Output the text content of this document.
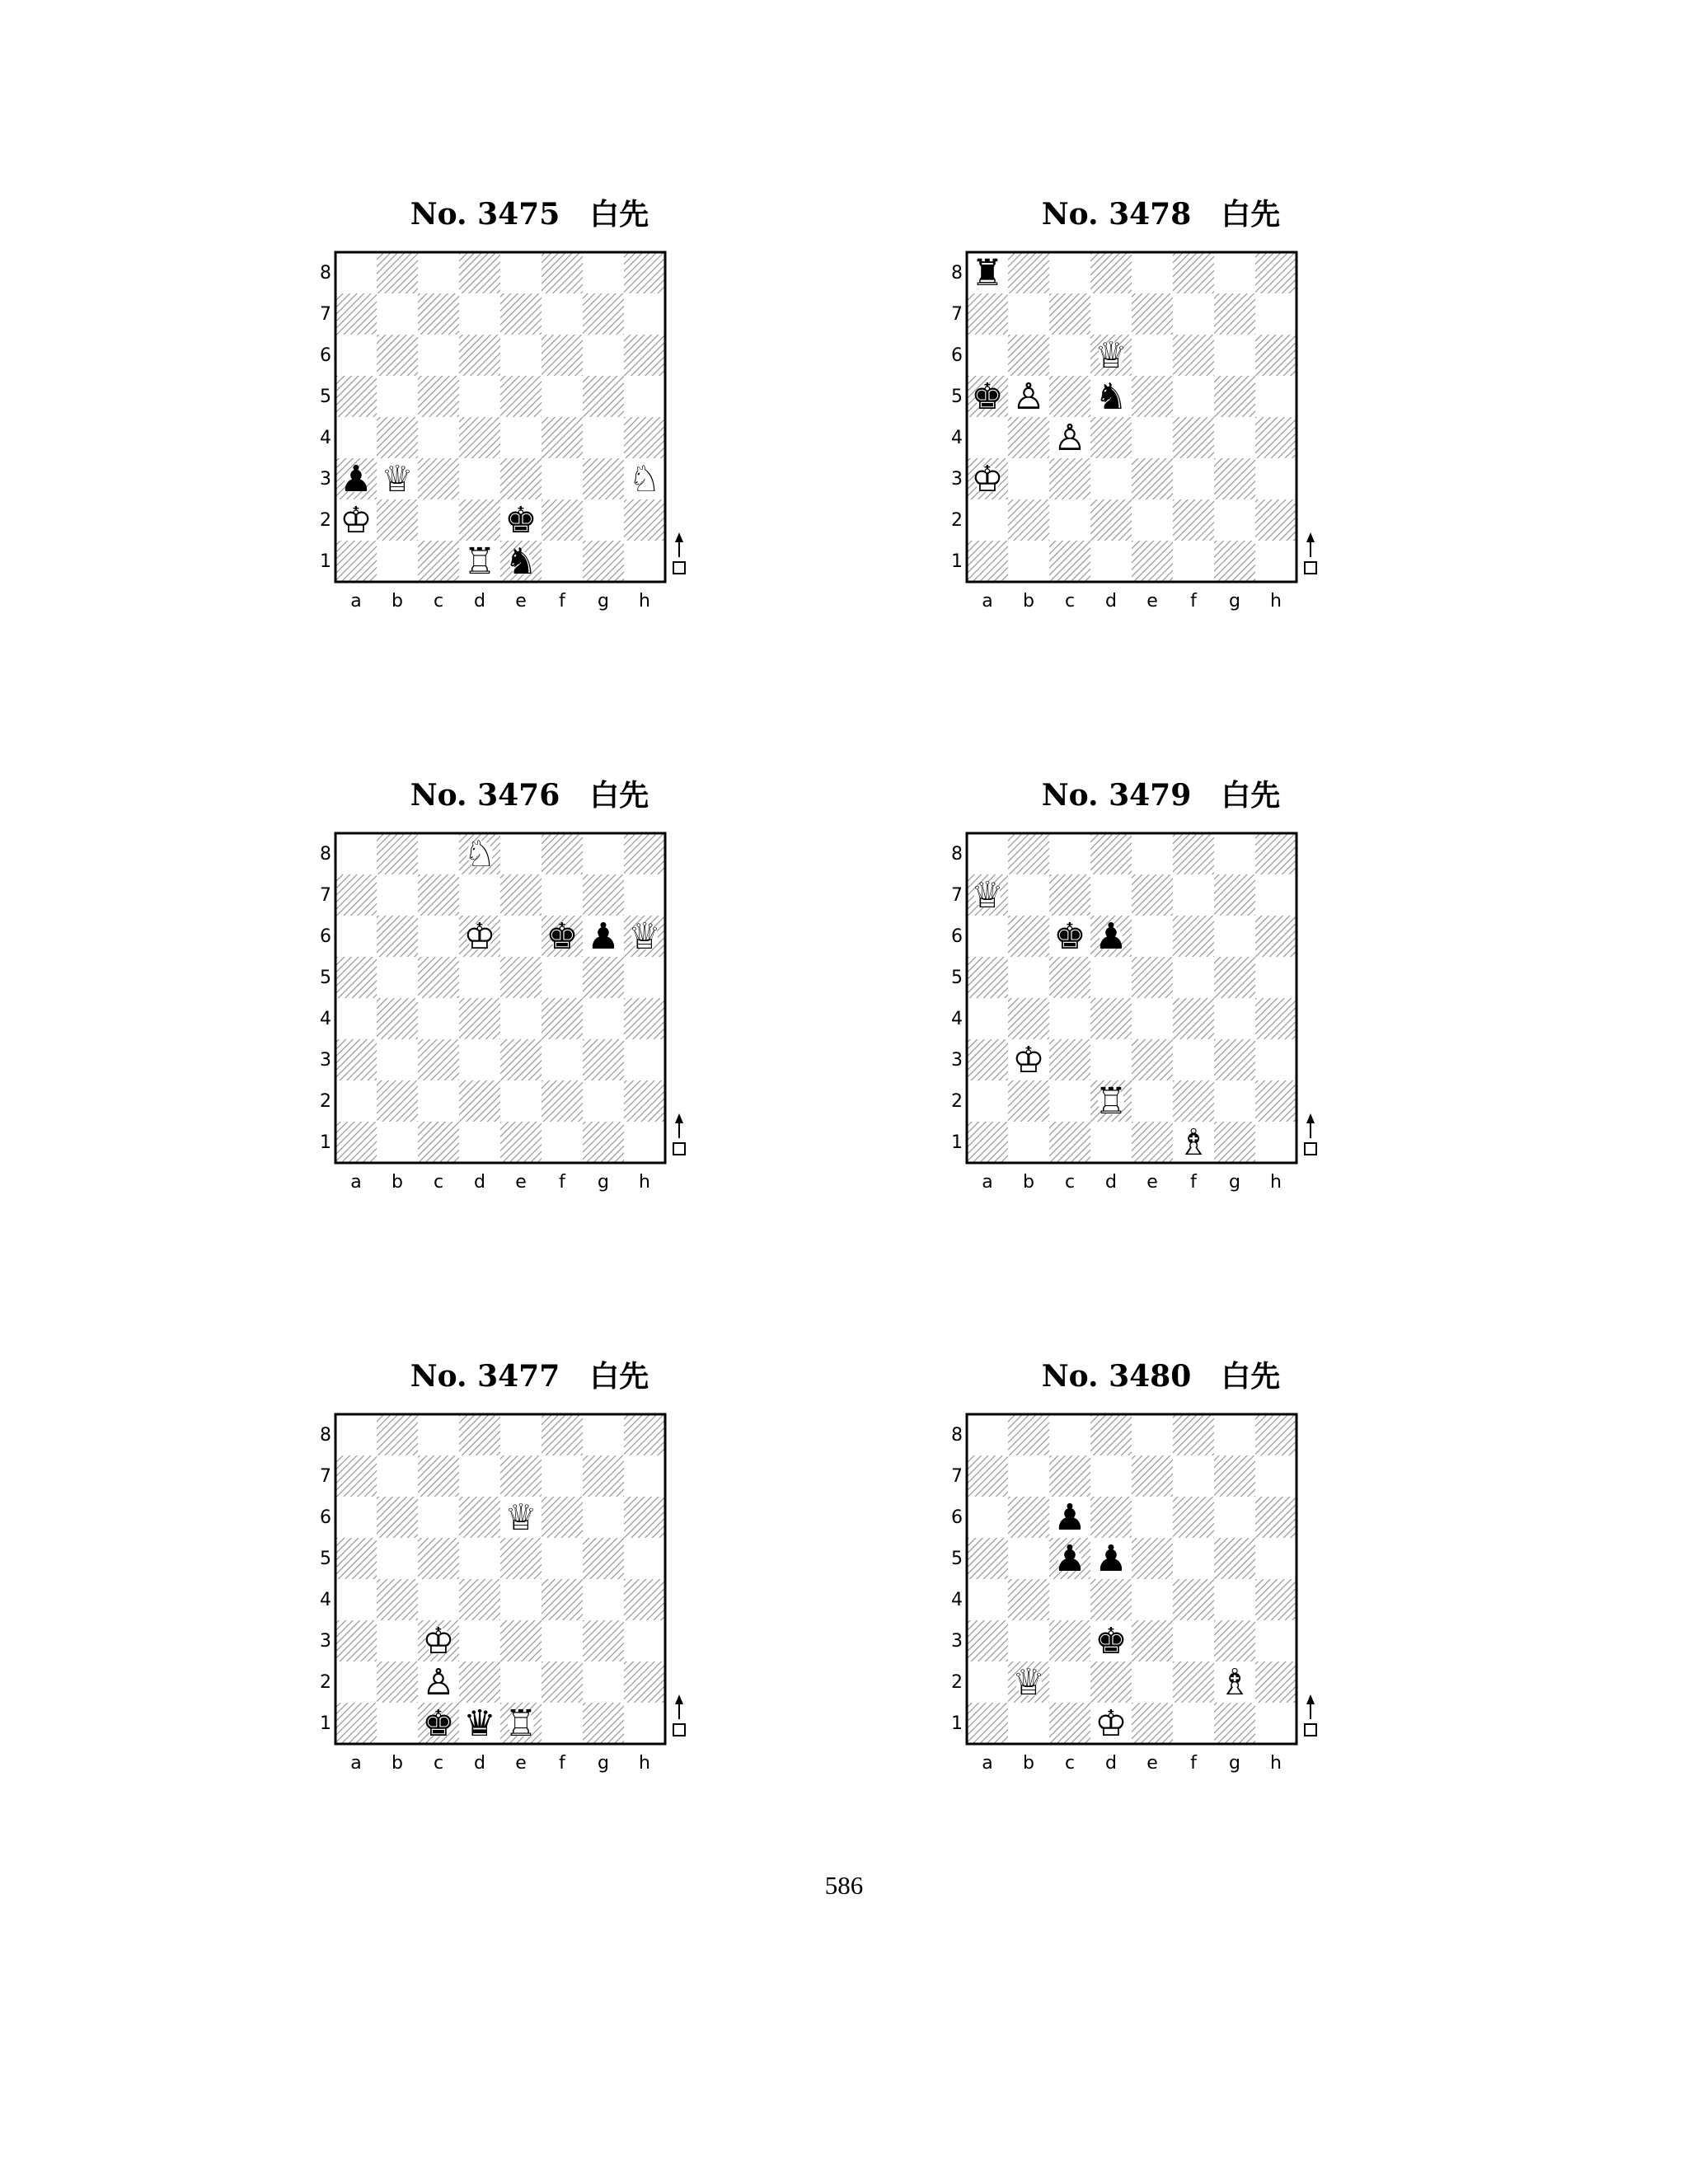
No. 3475　白先
8
7
6
5
4
3
2
1
a b c d e f g h
♟ ♕	♘
♔	♚
♖ ♞
No. 3478　白先
8
7
6
5
4
3
2
1
a b c d e f g h
♜
♕
♚ ♙ ♞
♙
♔
No. 3476　白先
8
7
6
5
4
3
2
1
a b c d e f g h
♘
♔ ♚ ♟ ♕
No. 3479　白先
8
7
6
5
4
3
2
1
a b c d e f g h
♕
♚ ♟
♔
♖
♗
No. 3477　白先
8
7
6
5
4
3
2
1
a b c d e f g h
♕
♔
♙
♚ ♛ ♖
No. 3480　白先
8
7
6
5
4
3
2
1
a b c d e f g h
♟
♟ ♟
♚
♕	♗
♔
586
